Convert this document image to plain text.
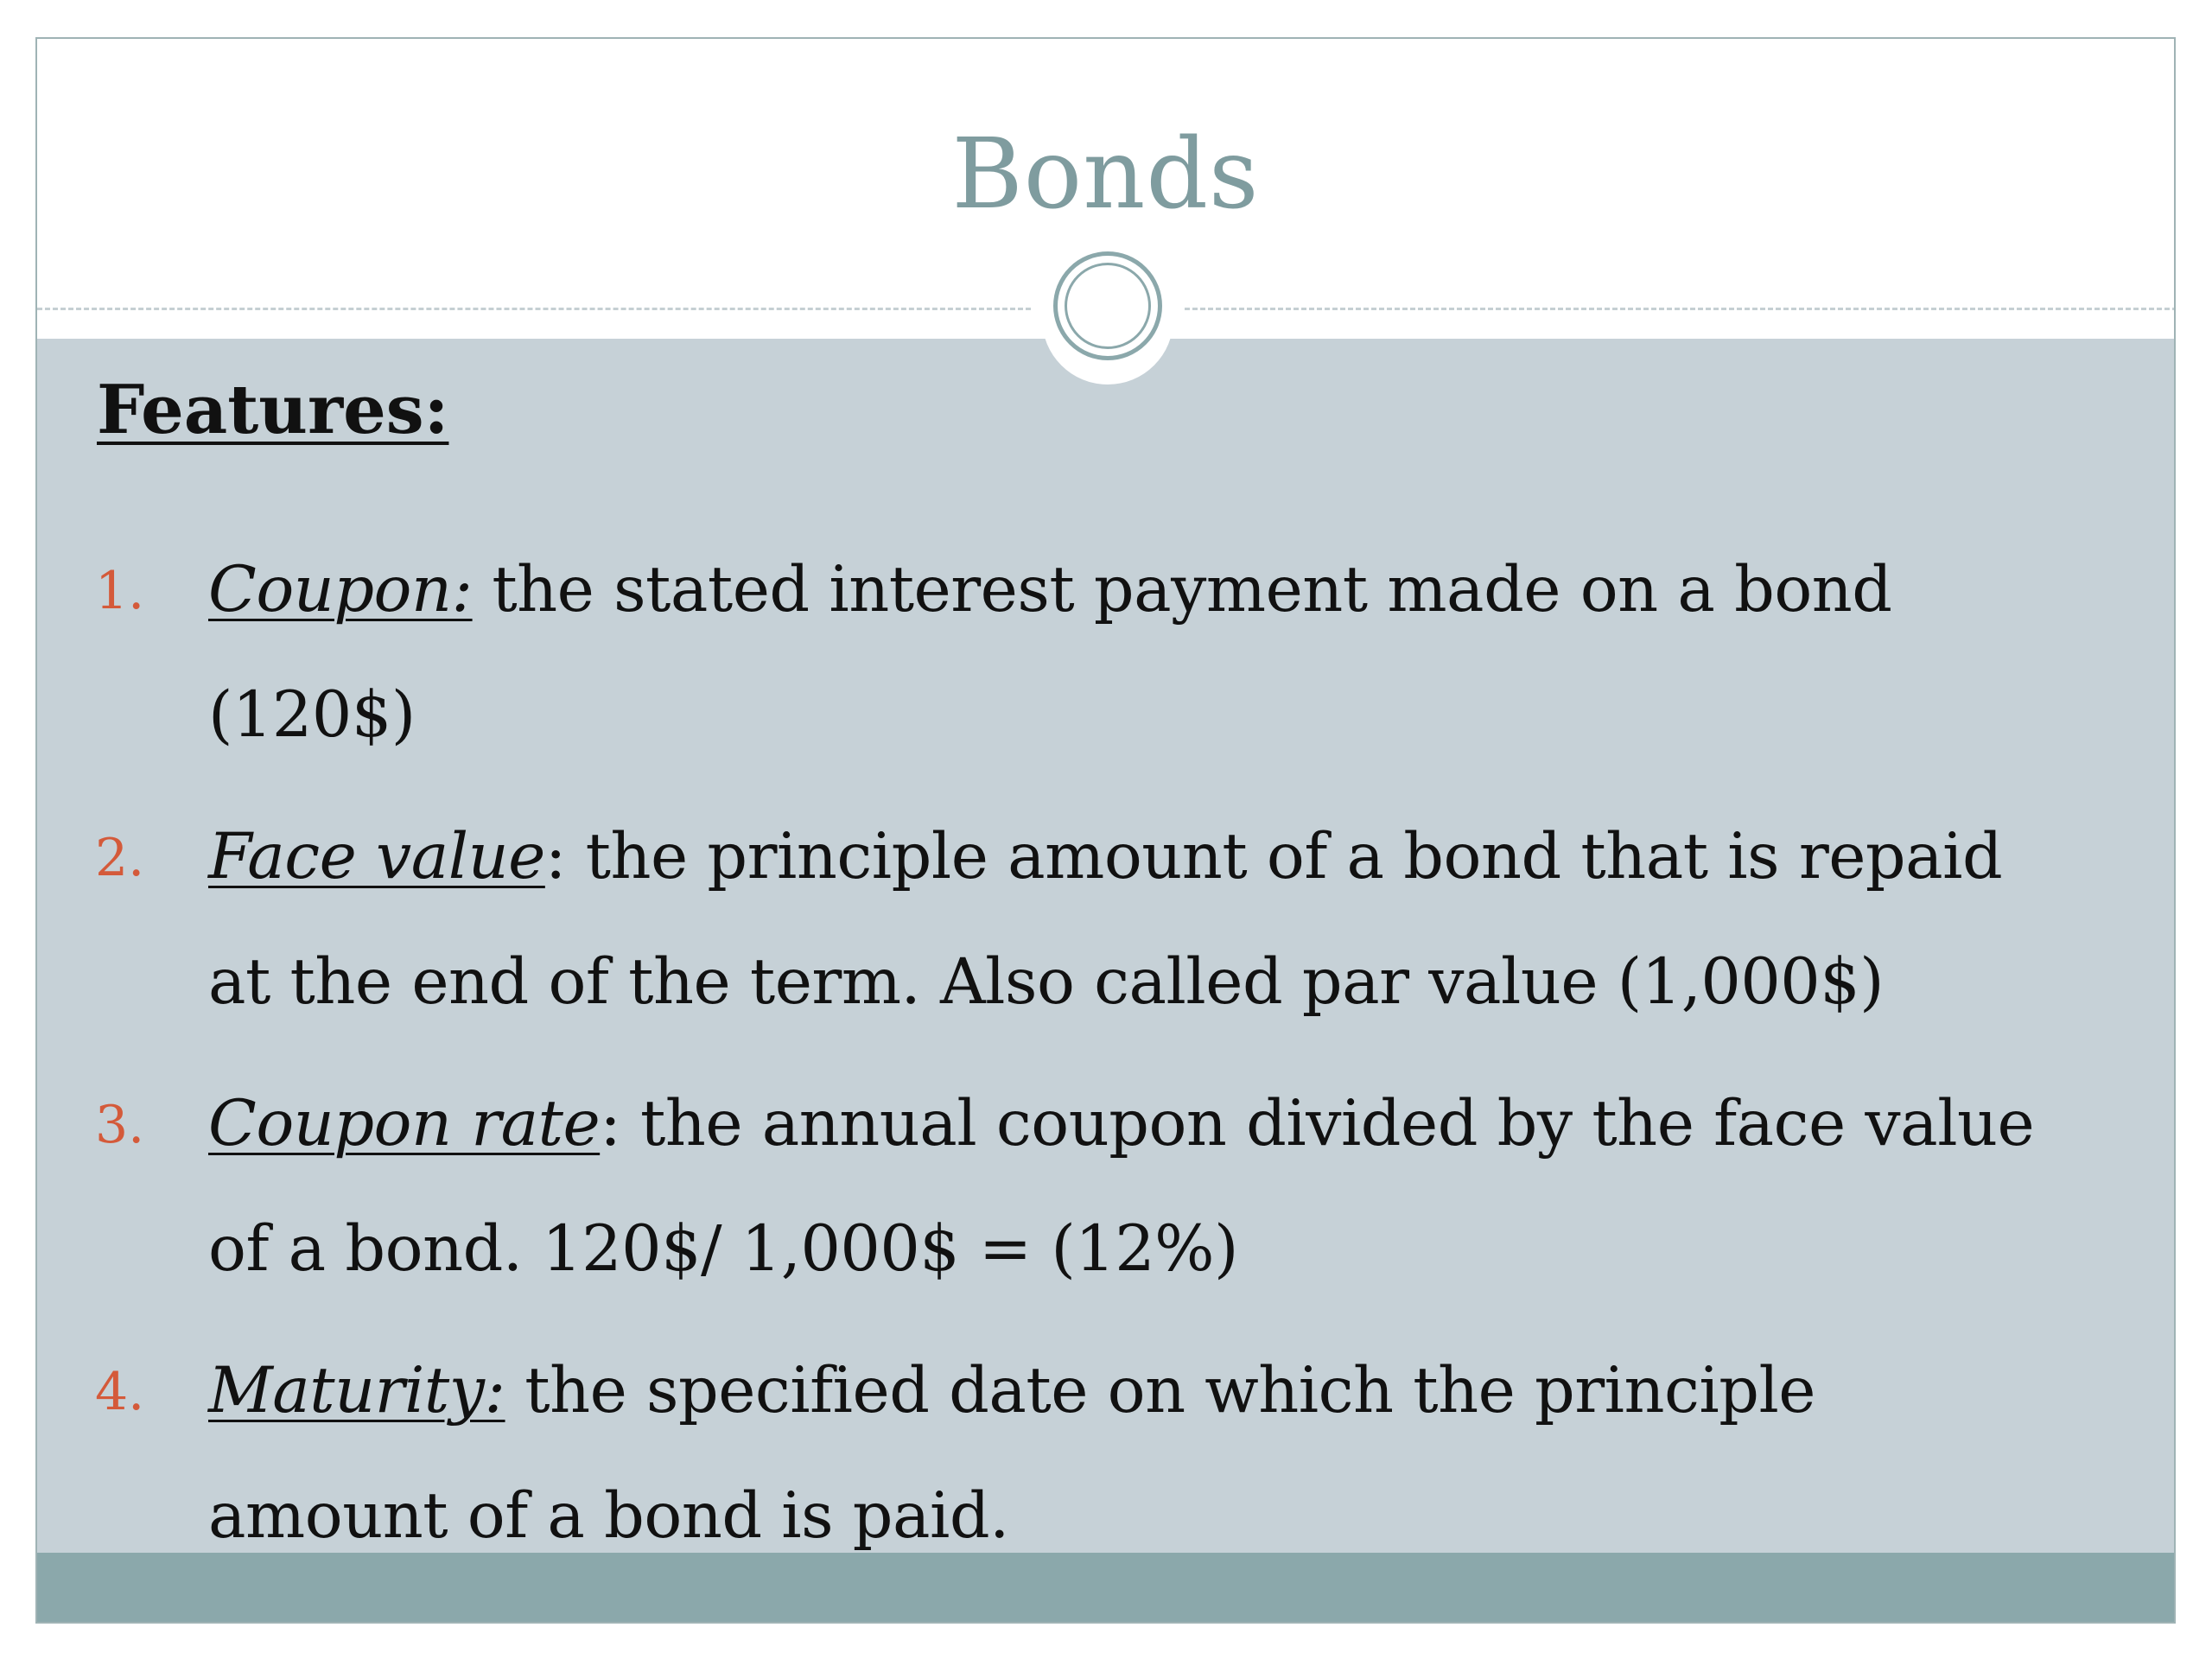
Bonds
Features:
1. Coupon: the stated interest payment made on a bond
(120$)
2. Face value: the principle amount of a bond that is repaid
at the end of the term. Also called par value (1,000$)
3. Coupon rate: the annual coupon divided by the face value
of a bond. 120$/ 1,000$ = (12%)
4. Maturity: the specified date on which the principle
amount of a bond is paid.
